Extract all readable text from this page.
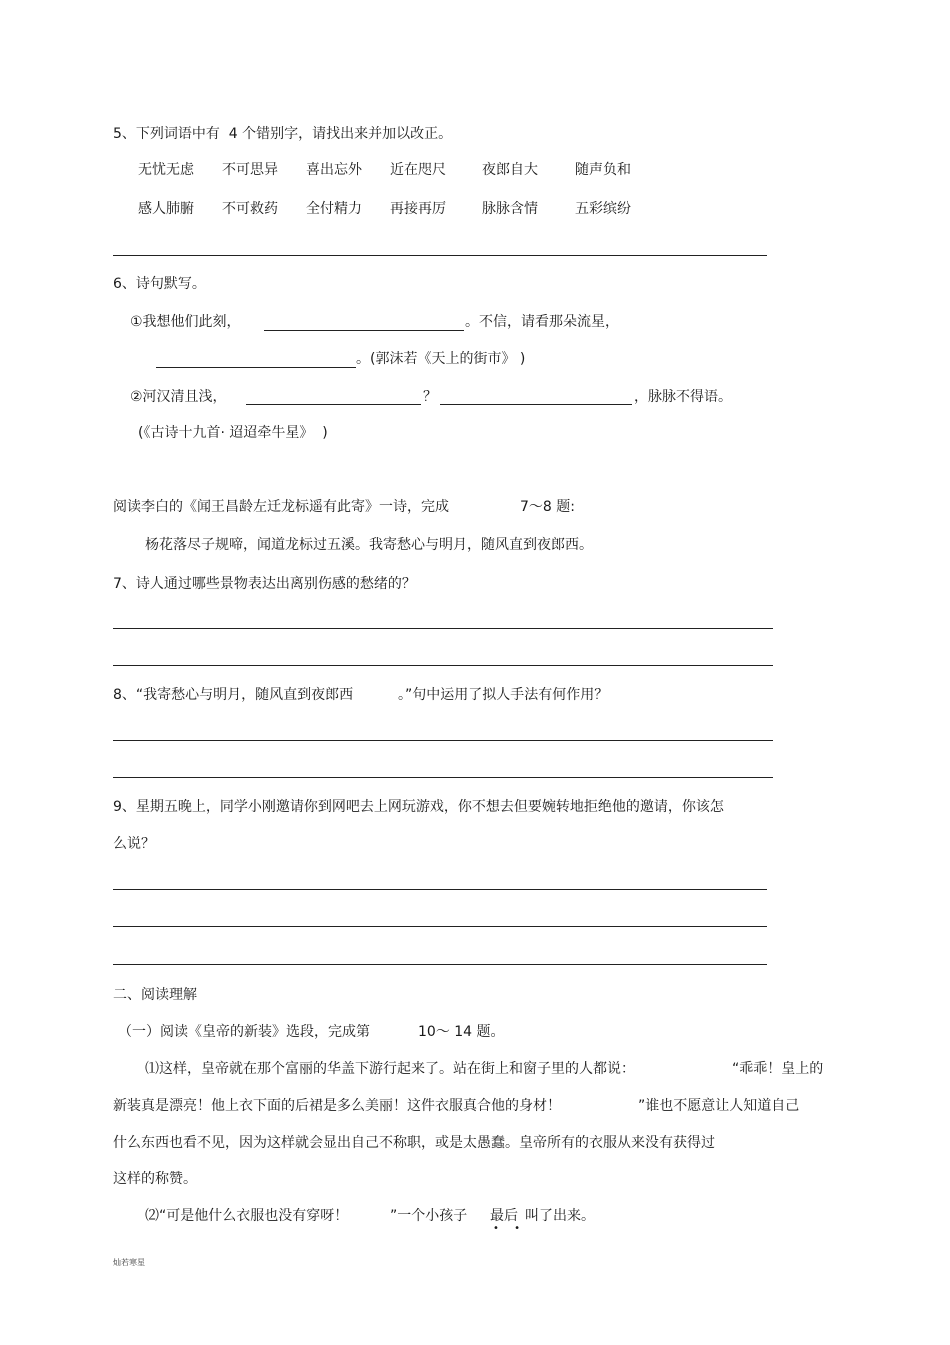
5、下列词语中有  4 个错别字，请找出来并加以改正。
无忧无虑 不可思异 喜出忘外 近在咫尺	夜郎自大	随声负和
感人肺腑 不可救药 全付精力 再接再厉	脉脉含情	五彩缤纷
6、诗句默写。
①我想他们此刻，	。不信，请看那朵流星，
。(郭沫若《天上的街市》 )
②河汉清且浅，	？	，脉脉不得语。
(《古诗十九首· 迢迢牵牛星》  )
阅读李白的《闻王昌龄左迁龙标遥有此寄》一诗，完成	7～8 题:
杨花落尽子规啼，闻道龙标过五溪。我寄愁心与明月，随风直到夜郎西。
7、诗人通过哪些景物表达出离别伤感的愁绪的？
8、“我寄愁心与明月，随风直到夜郎西	。”句中运用了拟人手法有何作用？
9、星期五晚上，同学小刚邀请你到网吧去上网玩游戏，你不想去但要婉转地拒绝他的邀请，你该怎
么说？
二、阅读理解
（一）阅读《皇帝的新装》选段，完成第	10～ 14 题。
⑴这样，皇帝就在那个富丽的华盖下游行起来了。站在街上和窗子里的人都说：	“乖乖！皇上的
新装真是漂亮！他上衣下面的后裙是多么美丽！这件衣服真合他的身材！	”谁也不愿意让人知道自己
什么东西也看不见，因为这样就会显出自己不称职，或是太愚蠢。皇帝所有的衣服从来没有获得过
这样的称赞。
⑵“可是他什么衣服也没有穿呀！	”一个小孩子 最后
• •
叫了出来。
灿若寒星
